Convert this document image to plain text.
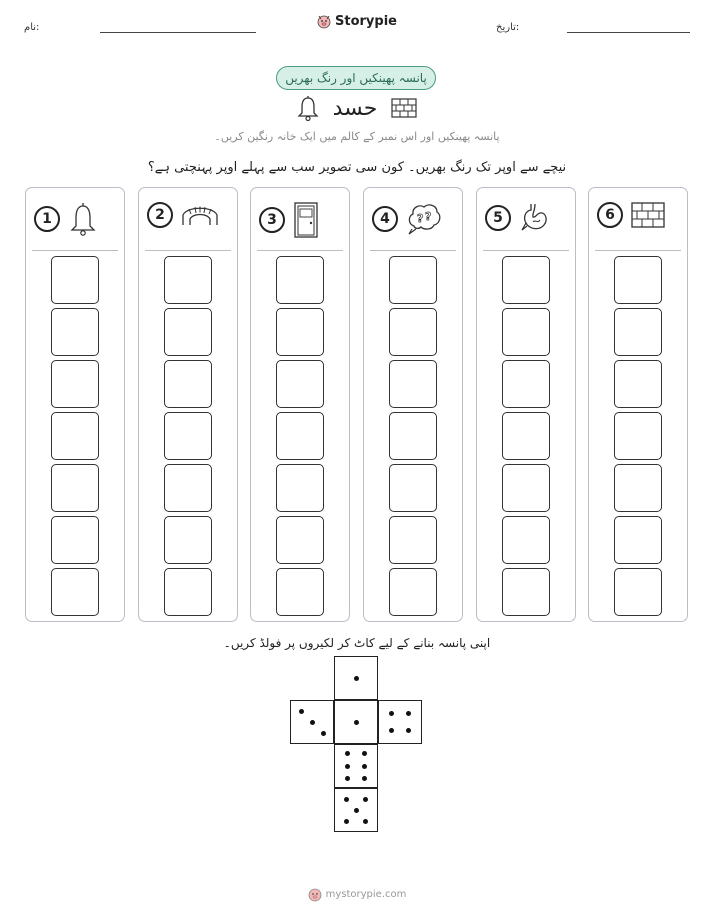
نام:	تاریخ:
Storypie
پانسہ پھینکیں اور رنگ بھریں
حسد
پانسہ پھینکیں اور اس نمبر کے کالم میں ایک خانہ رنگین کریں۔
نیچے سے اوپر تک رنگ بھریں۔ کون سی تصویر سب سے پہلے اوپر پہنچتی ہے؟
1	2	3	4	? ?	5	6
اپنی پانسہ بنانے کے لیے کاٹ کر لکیروں پر فولڈ کریں۔
mystorypie.com
